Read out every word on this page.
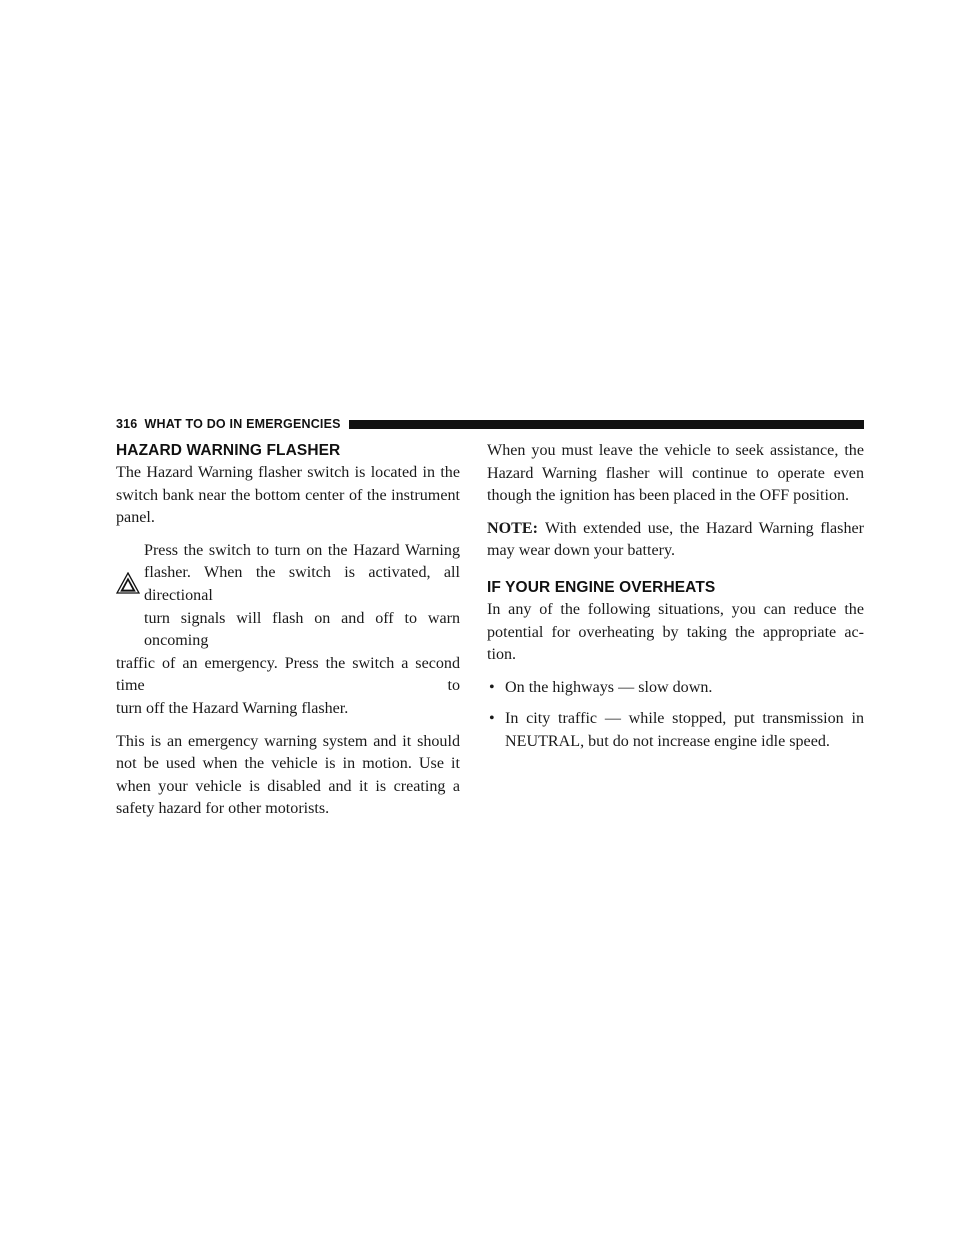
316 WHAT TO DO IN EMERGENCIES
HAZARD WARNING FLASHER

The Hazard Warning flasher switch is located in the switch bank near the bottom center of the instrument panel.

Press the switch to turn on the Hazard Warning
flasher. When the switch is activated, all directional
turn signals will flash on and off to warn oncoming
traffic of an emergency. Press the switch a second time to
turn off the Hazard Warning flasher.

This is an emergency warning system and it should not be used when the vehicle is in motion. Use it when your vehicle is disabled and it is creating a safety hazard for other motorists.

When you must leave the vehicle to seek assistance, the Hazard Warning flasher will continue to operate even though the ignition has been placed in the OFF position.

NOTE: With extended use, the Hazard Warning flasher may wear down your battery.

IF YOUR ENGINE OVERHEATS

In any of the following situations, you can reduce the potential for overheating by taking the appropriate ac- tion.

• On the highways — slow down.
• In city traffic — while stopped, put transmission in NEUTRAL, but do not increase engine idle speed.
